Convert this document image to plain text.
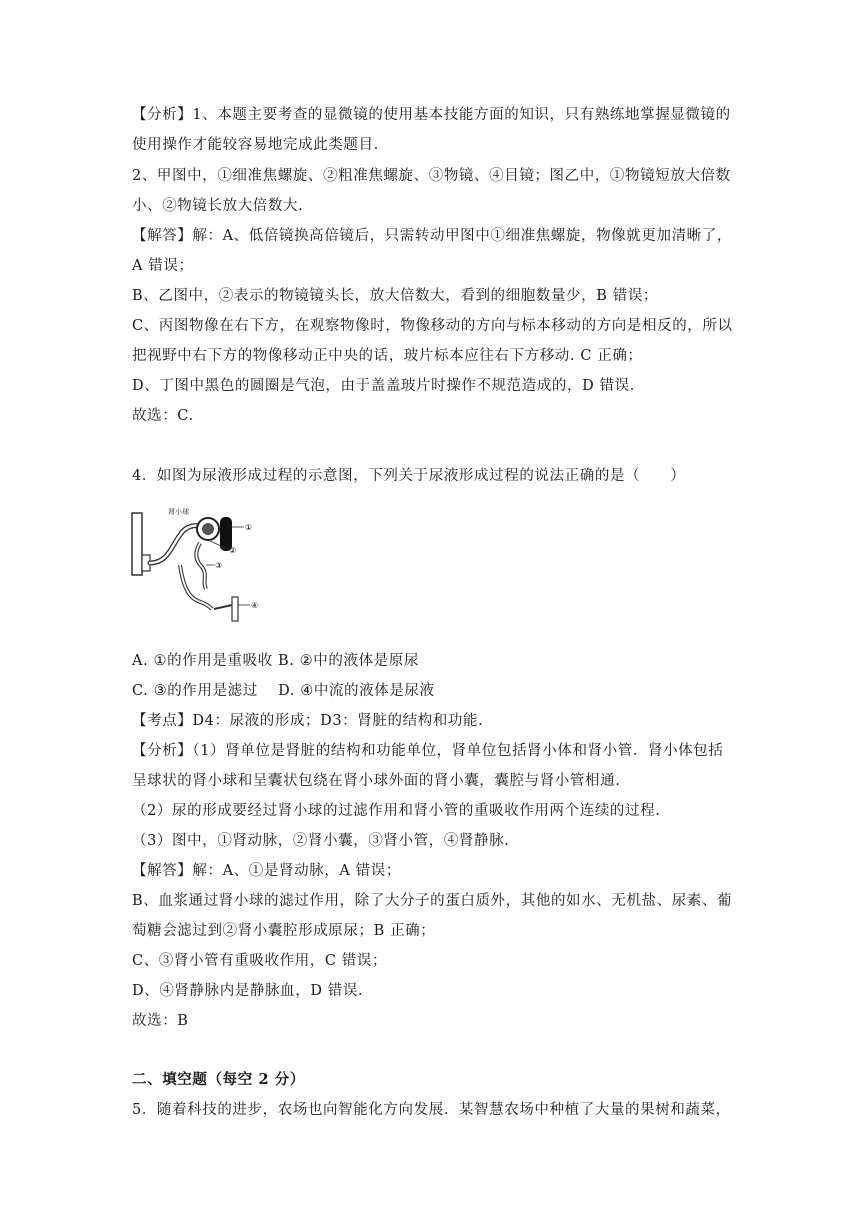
【分析】1、本题主要考查的显微镜的使用基本技能方面的知识，只有熟练地掌握显微镜的
使用操作才能较容易地完成此类题目.
2、甲图中，①细准焦螺旋、②粗准焦螺旋、③物镜、④目镜；图乙中，①物镜短放大倍数
小、②物镜长放大倍数大.
【解答】解：A、低倍镜换高倍镜后，只需转动甲图中①细准焦螺旋，物像就更加清晰了，
A 错误；
B、乙图中，②表示的物镜镜头长，放大倍数大，看到的细胞数量少，B 错误；
C、丙图物像在右下方，在观察物像时，物像移动的方向与标本移动的方向是相反的，所以
把视野中右下方的物像移动正中央的话，玻片标本应往右下方移动. C 正确；
D、丁图中黑色的圆圈是气泡，由于盖盖玻片时操作不规范造成的，D 错误.
故选：C.
4．如图为尿液形成过程的示意图，下列关于尿液形成过程的说法正确的是（　　）
肾小球
①
②
③
④
A. ①的作用是重吸收 B. ②中的液体是原尿
C. ③的作用是滤过　 D. ④中流的液体是尿液
【考点】D4：尿液的形成；D3：肾脏的结构和功能.
【分析】（1）肾单位是肾脏的结构和功能单位，肾单位包括肾小体和肾小管．肾小体包括
呈球状的肾小球和呈囊状包绕在肾小球外面的肾小囊，囊腔与肾小管相通.
（2）尿的形成要经过肾小球的过滤作用和肾小管的重吸收作用两个连续的过程.
（3）图中，①肾动脉，②肾小囊，③肾小管，④肾静脉.
【解答】解：A、①是肾动脉，A 错误；
B、血浆通过肾小球的滤过作用，除了大分子的蛋白质外，其他的如水、无机盐、尿素、葡
萄糖会滤过到②肾小囊腔形成原尿；B 正确；
C、③肾小管有重吸收作用，C 错误；
D、④肾静脉内是静脉血，D 错误.
故选：B
二、填空题（每空 2 分）
5．随着科技的进步，农场也向智能化方向发展．某智慧农场中种植了大量的果树和蔬菜，
